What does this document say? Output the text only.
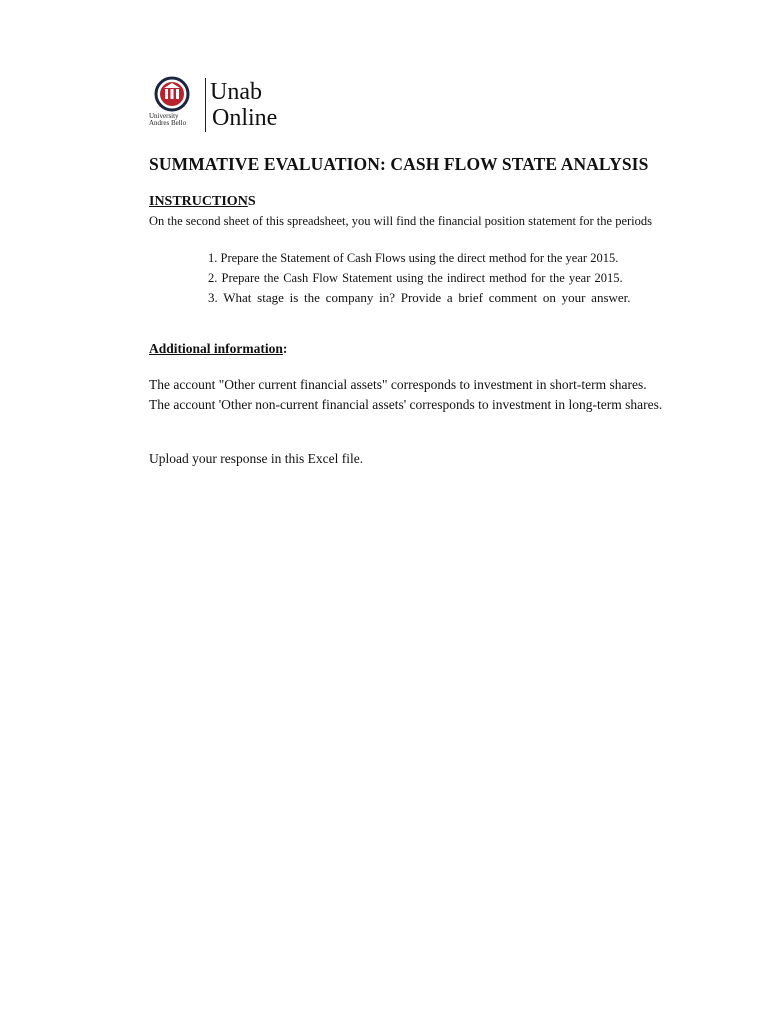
University
Andres Bello
Unab
Online
SUMMATIVE EVALUATION: CASH FLOW STATE ANALYSIS
INSTRUCTIONS
On the second sheet of this spreadsheet, you will find the financial position statement for the periods
1. Prepare the Statement of Cash Flows using the direct method for the year 2015.
2. Prepare the Cash Flow Statement using the indirect method for the year 2015.
3. What stage is the company in? Provide a brief comment on your answer.
Additional information:
The account "Other current financial assets" corresponds to investment in short-term shares.
The account 'Other non-current financial assets' corresponds to investment in long-term shares.
Upload your response in this Excel file.
